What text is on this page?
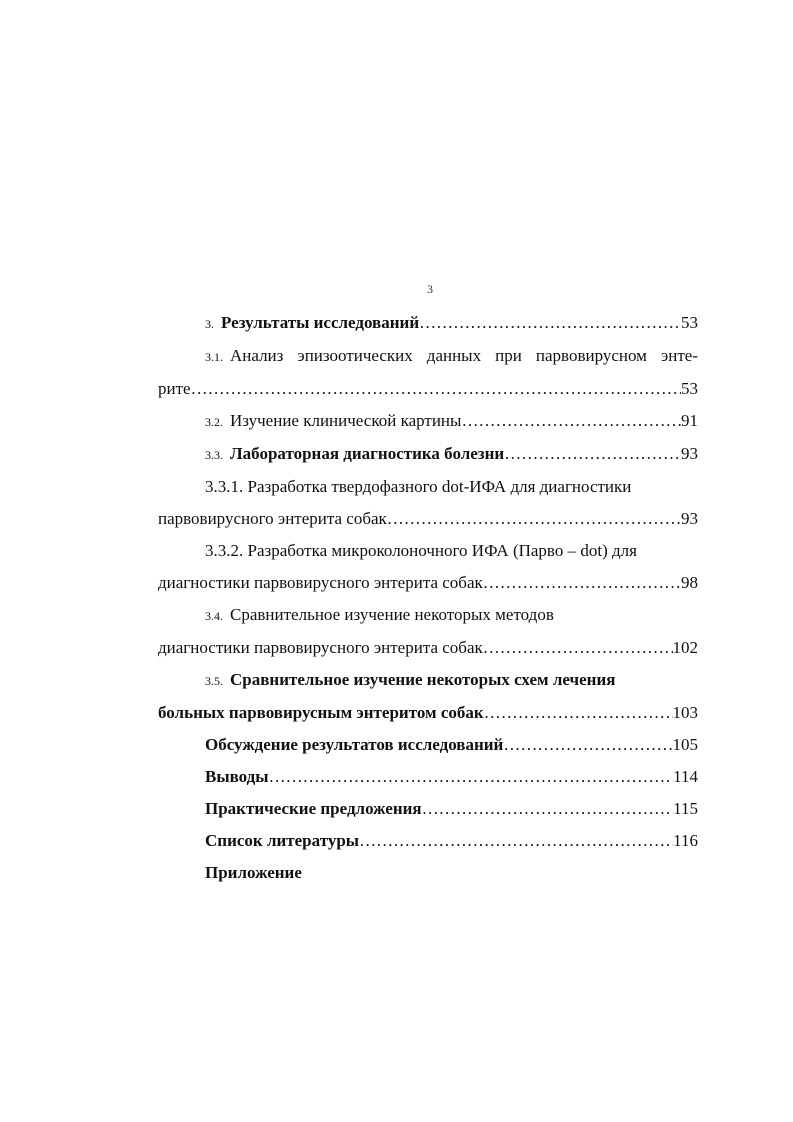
3
3. Результаты исследований …………………………………………………………………………………………………………………………………………………………………………………	53
3.1. Анализ эпизоотических данных при парвовирусном энте-
рите …………………………………………………………………………………………………………………………………………………………………………………	53
3.2. Изучение клинической картины …………………………………………………………………………………………………………………………………………………………………………………	91
3.3. Лабораторная диагностика болезни …………………………………………………………………………………………………………………………………………………………………………………	93
3.3.1. Разработка твердофазного dot-ИФА для диагностики
парвовирусного энтерита собак …………………………………………………………………………………………………………………………………………………………………………………	93
3.3.2. Разработка микроколоночного ИФА (Парво – dot) для
диагностики парвовирусного энтерита собак …………………………………………………………………………………………………………………………………………………………………………………	98
3.4. Сравнительное изучение некоторых методов
диагностики парвовирусного энтерита собак …………………………………………………………………………………………………………………………………………………………………………………	102
3.5. Сравнительное изучение некоторых схем лечения
больных парвовирусным энтеритом собак …………………………………………………………………………………………………………………………………………………………………………………	103
Обсуждение результатов исследований …………………………………………………………………………………………………………………………………………………………………………………	105
Выводы …………………………………………………………………………………………………………………………………………………………………………………	114
Практические предложения …………………………………………………………………………………………………………………………………………………………………………………	115
Список литературы …………………………………………………………………………………………………………………………………………………………………………………	116
Приложение
